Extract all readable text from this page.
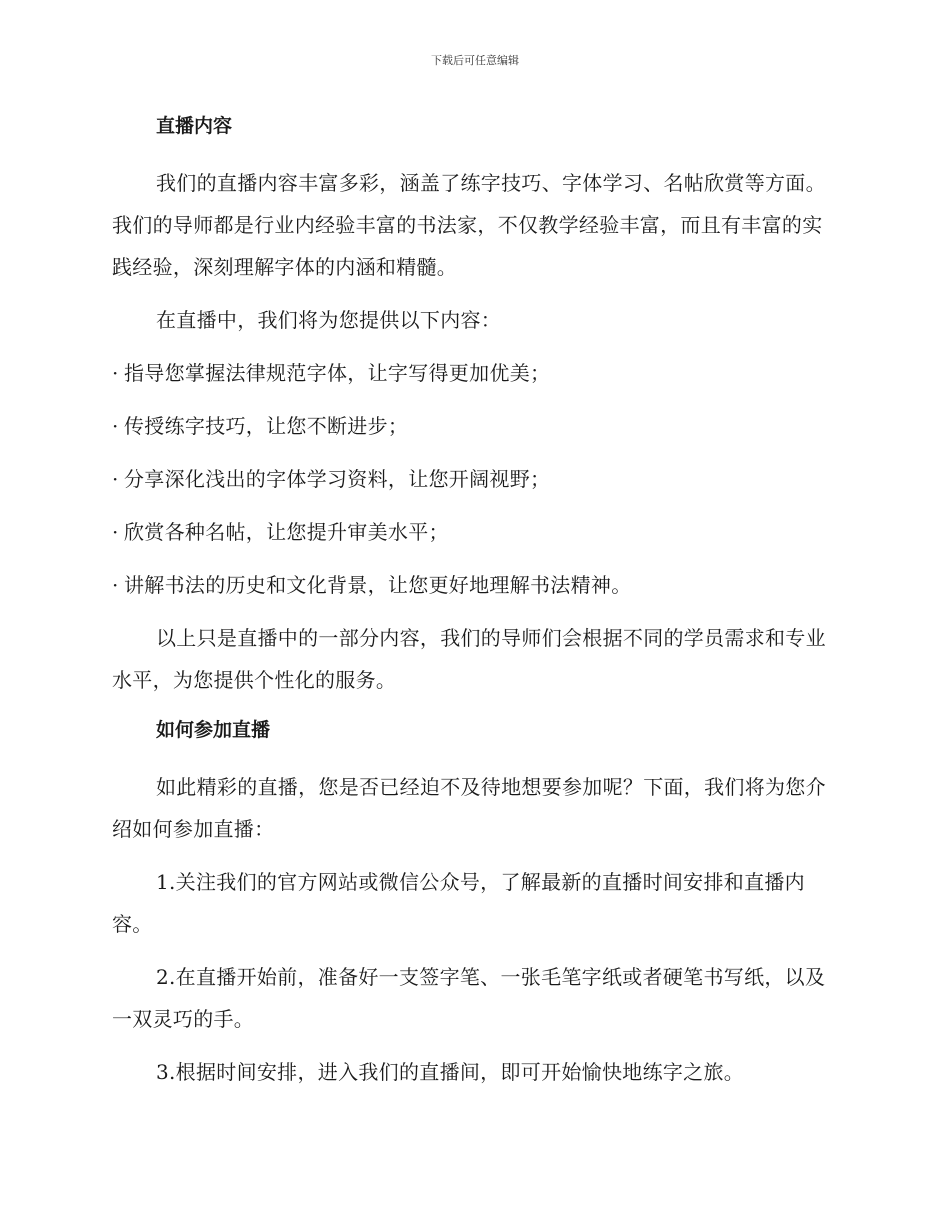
下载后可任意编辑
直播内容

我们的直播内容丰富多彩，涵盖了练字技巧、字体学习、名帖欣赏等方面。我们的导师都是行业内经验丰富的书法家，不仅教学经验丰富，而且有丰富的实践经验，深刻理解字体的内涵和精髓。

在直播中，我们将为您提供以下内容：

· 指导您掌握法律规范字体，让字写得更加优美；

· 传授练字技巧，让您不断进步；

· 分享深化浅出的字体学习资料，让您开阔视野；

· 欣赏各种名帖，让您提升审美水平；

· 讲解书法的历史和文化背景，让您更好地理解书法精神。

以上只是直播中的一部分内容，我们的导师们会根据不同的学员需求和专业水平，为您提供个性化的服务。

如何参加直播

如此精彩的直播，您是否已经迫不及待地想要参加呢？下面，我们将为您介绍如何参加直播：

1.关注我们的官方网站或微信公众号，了解最新的直播时间安排和直播内容。

2.在直播开始前，准备好一支签字笔、一张毛笔字纸或者硬笔书写纸，以及一双灵巧的手。

3.根据时间安排，进入我们的直播间，即可开始愉快地练字之旅。
